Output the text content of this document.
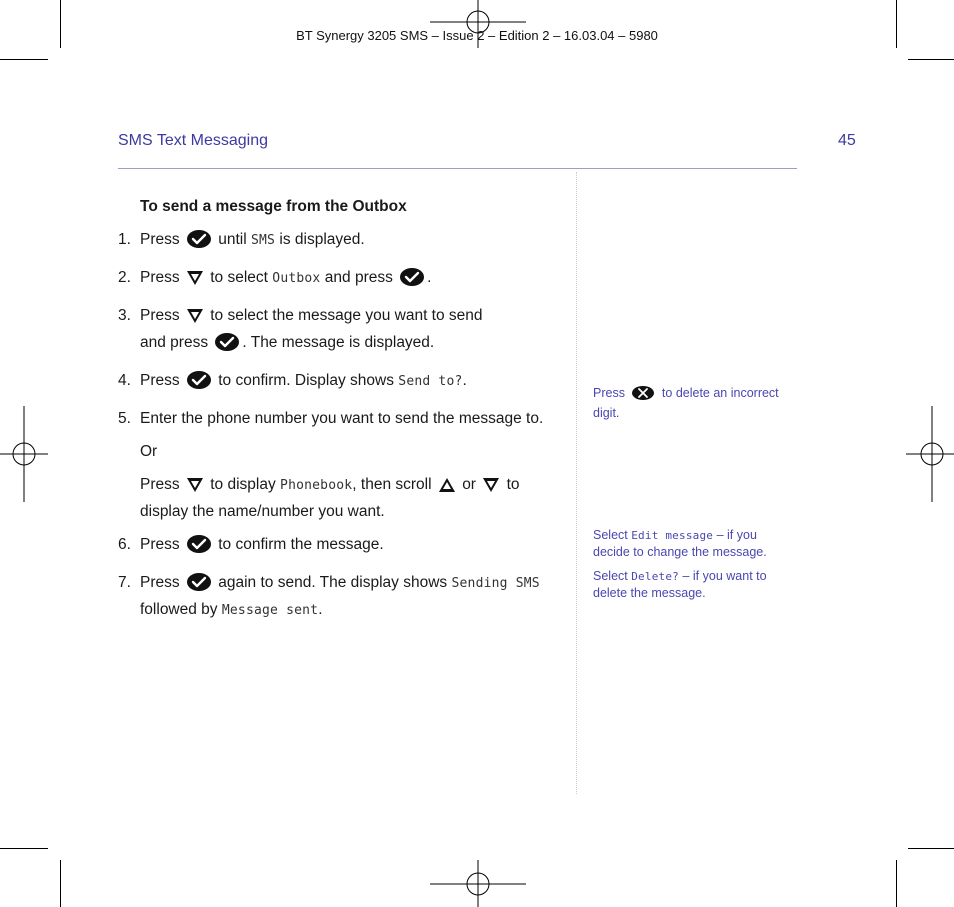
BT Synergy 3205 SMS – Issue 2 – Edition 2 – 16.03.04 – 5980
SMS Text Messaging	45
To send a message from the Outbox
1. Press until SMS is displayed.
2. Press to select Outbox and press .
3. Press to select the message you want to send
and press . The message is displayed.
4. Press to confirm. Display shows Send to?.
5. Enter the phone number you want to send the message to.
Or
Press to display Phonebook, then scroll or to display the name/number you want.
6. Press to confirm the message.
7. Press again to send. The display shows Sending SMS followed by Message sent.

Press	to delete an incorrect digit.

Select Edit message – if you decide to change the message.

Select Delete? – if you want to delete the message.
